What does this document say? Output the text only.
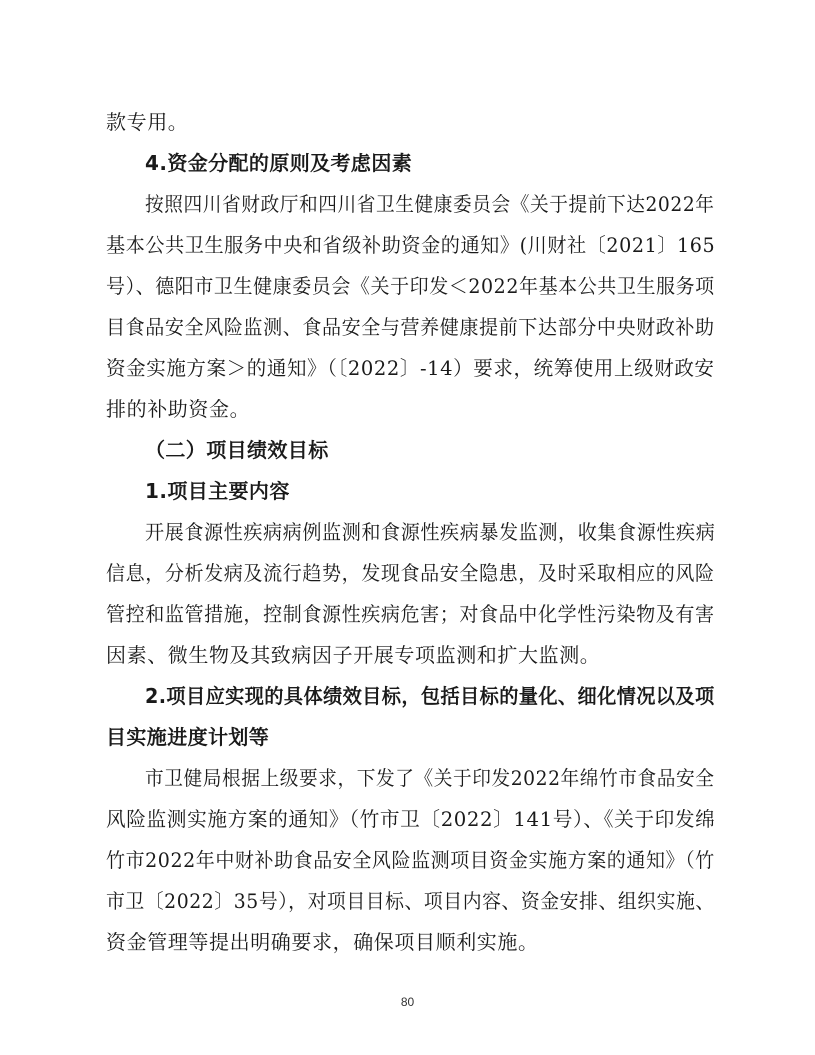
款专用。
4.资金分配的原则及考虑因素
按照四川省财政厅和四川省卫生健康委员会《关于提前下达2022年
基本公共卫生服务中央和省级补助资金的通知》(川财社〔2021〕165
号）、德阳市卫生健康委员会《关于印发＜2022年基本公共卫生服务项
目食品安全风险监测、食品安全与营养健康提前下达部分中央财政补助
资金实施方案＞的通知》（〔2022〕-14）要求，统筹使用上级财政安
排的补助资金。
（二）项目绩效目标
1.项目主要内容
开展食源性疾病病例监测和食源性疾病暴发监测，收集食源性疾病
信息，分析发病及流行趋势，发现食品安全隐患，及时采取相应的风险
管控和监管措施，控制食源性疾病危害；对食品中化学性污染物及有害
因素、微生物及其致病因子开展专项监测和扩大监测。
2.项目应实现的具体绩效目标，包括目标的量化、细化情况以及项
目实施进度计划等
市卫健局根据上级要求，下发了《关于印发2022年绵竹市食品安全
风险监测实施方案的通知》（竹市卫〔2022〕141号）、《关于印发绵
竹市2022年中财补助食品安全风险监测项目资金实施方案的通知》（竹
市卫〔2022〕35号），对项目目标、项目内容、资金安排、组织实施、
资金管理等提出明确要求，确保项目顺利实施。
80
